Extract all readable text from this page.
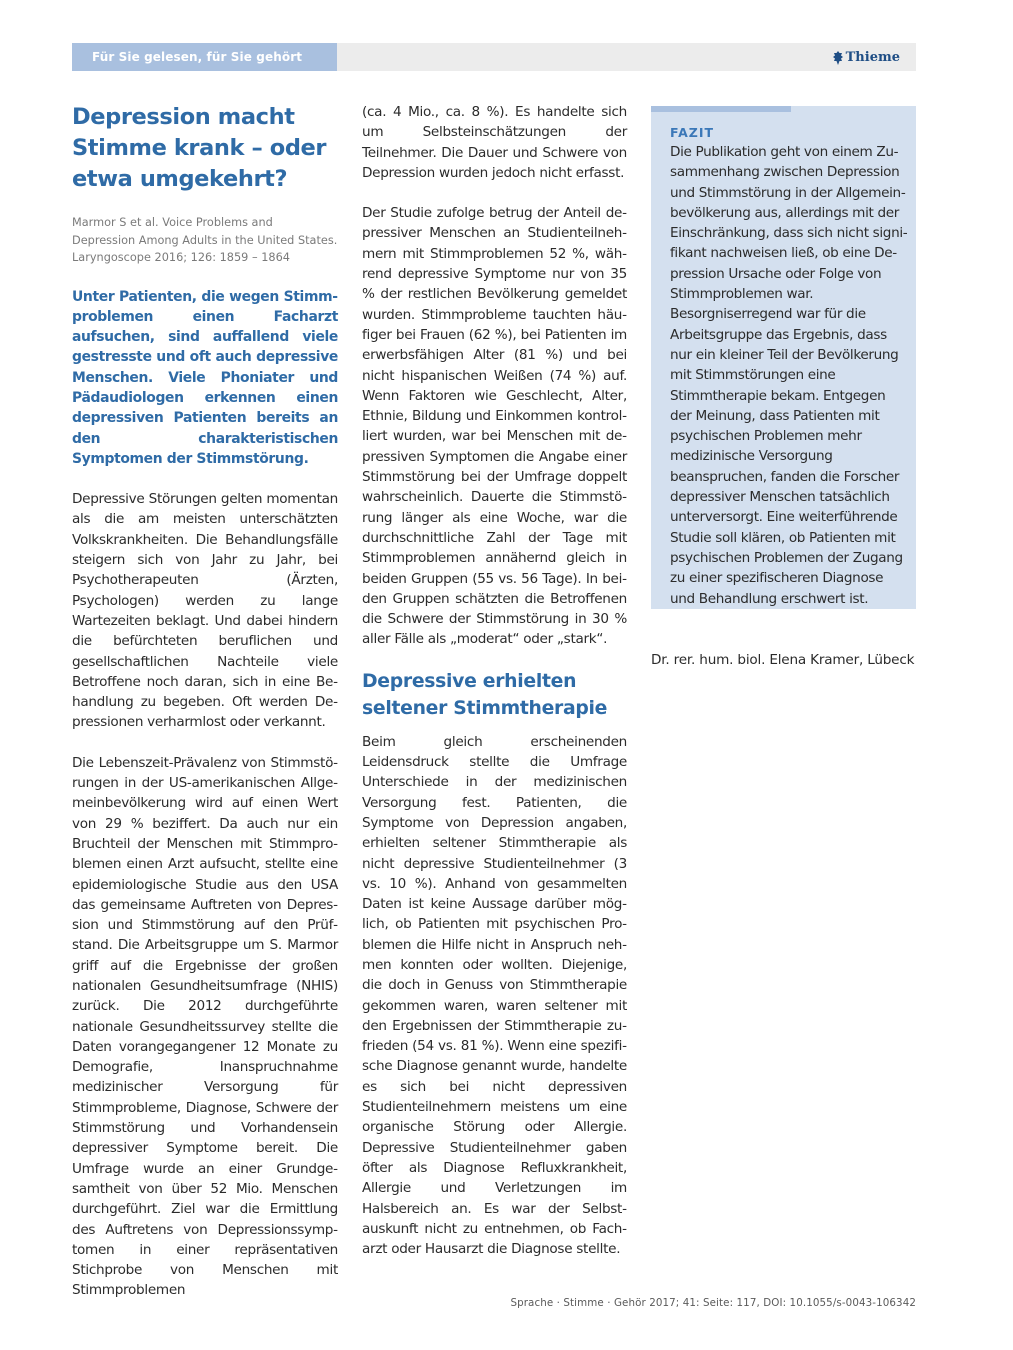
Für Sie gelesen, für Sie gehört	Thieme
Depression macht Stimme krank – oder etwa umgekehrt?

Marmor S et al. Voice Problems and Depression Among Adults in the United States. Laryngoscope 2016; 126: 1859 – 1864

Unter Patienten, die wegen Stimmproblemen einen Facharzt aufsuchen, sind auffallend viele gestresste und oft auch depressive Menschen. Viele Phoniater und Pädaudiologen erkennen einen depressiven Patienten bereits an den charakteristischen Symptomen der Stimmstörung.

Depressive Störungen gelten momentan als die am meisten unterschätzten Volkskrankheiten. Die Behandlungsfälle steigern sich von Jahr zu Jahr, bei Psychotherapeuten (Ärzten, Psychologen) werden zu lange Wartezeiten beklagt. Und dabei hindern die befürchteten beruflichen und gesellschaftlichen Nachteile viele Betroffene noch daran, sich in eine Behandlung zu begeben. Oft werden Depressionen verharmlost oder verkannt.

Die Lebenszeit-Prävalenz von Stimmstörungen in der US-amerikanischen Allgemeinbevölkerung wird auf einen Wert von 29 % beziffert. Da auch nur ein Bruchteil der Menschen mit Stimmproblemen einen Arzt aufsucht, stellte eine epidemiologische Studie aus den USA das gemeinsame Auftreten von Depression und Stimmstörung auf den Prüfstand. Die Arbeitsgruppe um S. Marmor griff auf die Ergebnisse der großen nationalen Gesundheitsumfrage (NHIS) zurück. Die 2012 durchgeführte nationale Gesundheitssurvey stellte die Daten vorangegangener 12 Monate zu Demografie, Inanspruchnahme medizinischer Versorgung für Stimmprobleme, Diagnose, Schwere der Stimmstörung und Vorhandensein depressiver Symptome bereit. Die Umfrage wurde an einer Grundgesamtheit von über 52 Mio. Menschen durchgeführt. Ziel war die Ermittlung des Auftretens von Depressionssymptomen in einer repräsentativen Stichprobe von Menschen mit Stimmproblemen

(ca. 4 Mio., ca. 8 %). Es handelte sich um Selbsteinschätzungen der Teilnehmer. Die Dauer und Schwere von Depression wurden jedoch nicht erfasst.

Der Studie zufolge betrug der Anteil depressiver Menschen an Studienteilnehmern mit Stimmproblemen 52 %, während depressive Symptome nur von 35 % der restlichen Bevölkerung gemeldet wurden. Stimmprobleme tauchten häufiger bei Frauen (62 %), bei Patienten im erwerbsfähigen Alter (81 %) und bei nicht hispanischen Weißen (74 %) auf. Wenn Faktoren wie Geschlecht, Alter, Ethnie, Bildung und Einkommen kontrolliert wurden, war bei Menschen mit depressiven Symptomen die Angabe einer Stimmstörung bei der Umfrage doppelt wahrscheinlich. Dauerte die Stimmstörung länger als eine Woche, war die durchschnittliche Zahl der Tage mit Stimmproblemen annähernd gleich in beiden Gruppen (55 vs. 56 Tage). In beiden Gruppen schätzten die Betroffenen die Schwere der Stimmstörung in 30 % aller Fälle als „moderat“ oder „stark“.

Depressive erhielten seltener Stimmtherapie

Beim gleich erscheinenden Leidensdruck stellte die Umfrage Unterschiede in der medizinischen Versorgung fest. Patienten, die Symptome von Depression angaben, erhielten seltener Stimmtherapie als nicht depressive Studienteilnehmer (3 vs. 10 %). Anhand von gesammelten Daten ist keine Aussage darüber möglich, ob Patienten mit psychischen Problemen die Hilfe nicht in Anspruch nehmen konnten oder wollten. Diejenige, die doch in Genuss von Stimmtherapie gekommen waren, waren seltener mit den Ergebnissen der Stimmtherapie zufrieden (54 vs. 81 %). Wenn eine spezifische Diagnose genannt wurde, handelte es sich bei nicht depressiven Studienteilnehmern meistens um eine organische Störung oder Allergie. Depressive Studienteilnehmer gaben öfter als Diagnose Refluxkrankheit, Allergie und Verletzungen im Halsbereich an. Es war der Selbstauskunft nicht zu entnehmen, ob Facharzt oder Hausarzt die Diagnose stellte.

FAZIT

Die Publikation geht von einem Zusammenhang zwischen Depression und Stimmstörung in der Allgemeinbevölkerung aus, allerdings mit der Einschränkung, dass sich nicht signifikant nachweisen ließ, ob eine Depression Ursache oder Folge von Stimmproblemen war. Besorgniserregend war für die Arbeitsgruppe das Ergebnis, dass nur ein kleiner Teil der Bevölkerung mit Stimmstörungen eine Stimmtherapie bekam. Entgegen der Meinung, dass Patienten mit psychischen Problemen mehr medizinische Versorgung beanspruchen, fanden die Forscher depressiver Menschen tatsächlich unterversorgt. Eine weiterführende Studie soll klären, ob Patienten mit psychischen Problemen der Zugang zu einer spezifischeren Diagnose und Behandlung erschwert ist.

Dr. rer. hum. biol. Elena Kramer, Lübeck

Sprache · Stimme · Gehör 2017; 41: Seite: 117, DOI: 10.1055/s-0043-106342
